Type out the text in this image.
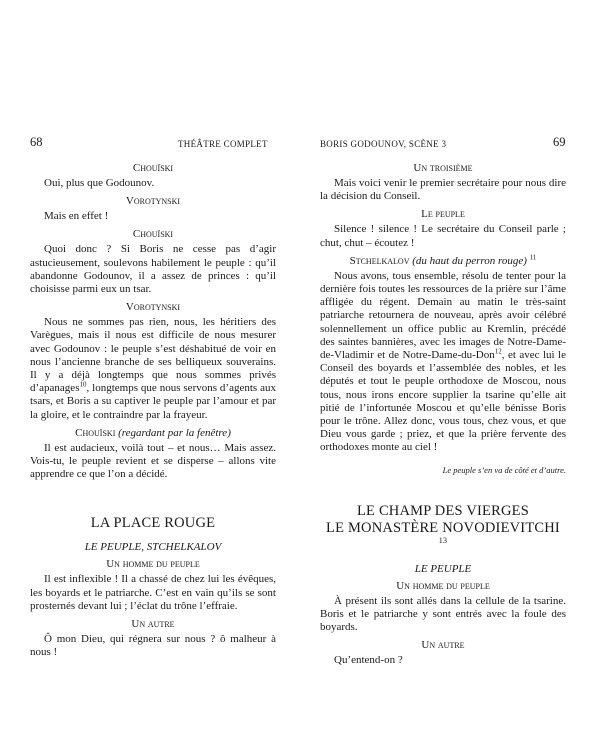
68	THÉÂTRE COMPLET
Chouïski

Oui, plus que Godounov.

Vorotynski

Mais en effet !

Chouïski

Quoi donc ? Si Boris ne cesse pas d’agir astucieusement, soulevons habilement le peuple : qu’il abandonne Godounov, il a assez de princes : qu’il choisisse parmi eux un tsar.

Vorotynski

Nous ne sommes pas rien, nous, les héritiers des Varègues, mais il nous est difficile de nous mesurer avec Godounov : le peuple s’est déshabitué de voir en nous l’ancienne branche de ses belliqueux souverains. Il y a déjà longtemps que nous sommes privés d’apanages$^{10}$, longtemps que nous servons d’agents aux tsars, et Boris a su captiver le peuple par l’amour et par la gloire, et le contraindre par la frayeur.

Chouïski (regardant par la fenêtre)

Il est audacieux, voilà tout – et nous… Mais assez. Vois-tu, le peuple revient et se disperse – allons vite apprendre ce que l’on a décidé.

LA PLACE ROUGE
LE PEUPLE, STCHELKALOV
Un homme du peuple

Il est inflexible ! Il a chassé de chez lui les évêques, les boyards et le patriarche. C’est en vain qu’ils se sont prosternés devant lui ; l’éclat du trône l’effraie.

Un autre

Ô mon Dieu, qui régnera sur nous ? ô malheur à nous !

BORIS GODOUNOV, SCÈNE 3	69
Un troisième

Mais voici venir le premier secrétaire pour nous dire la décision du Conseil.

Le peuple

Silence ! silence ! Le secrétaire du Conseil parle ; chut, chut – écoutez !

Stchelkalov (du haut du perron rouge) $^{11}$

Nous avons, tous ensemble, résolu de tenter pour la dernière fois toutes les ressources de la prière sur l’âme affligée du régent. Demain au matin le très-saint patriarche retournera de nouveau, après avoir célébré solennellement un office public au Kremlin, précédé des saintes bannières, avec les images de Notre-Dame-de-Vladimir et de Notre-Dame-du-Don$^{12}$, et avec lui le Conseil des boyards et l’assemblée des nobles, et les députés et tout le peuple orthodoxe de Moscou, nous tous, nous irons encore supplier la tsarine qu’elle ait pitié de l’infortunée Moscou et qu’elle bénisse Boris pour le trône. Allez donc, vous tous, chez vous, et que Dieu vous garde ; priez, et que la prière fervente des orthodoxes monte au ciel !

Le peuple s’en va de côté et d’autre.
LE CHAMP DES VIERGES
LE MONASTÈRE NOVODIEVITCHI $^{13}$
LE PEUPLE
Un homme du peuple

À présent ils sont allés dans la cellule de la tsarine. Boris et le patriarche y sont entrés avec la foule des boyards.

Un autre

Qu’entend-on ?
